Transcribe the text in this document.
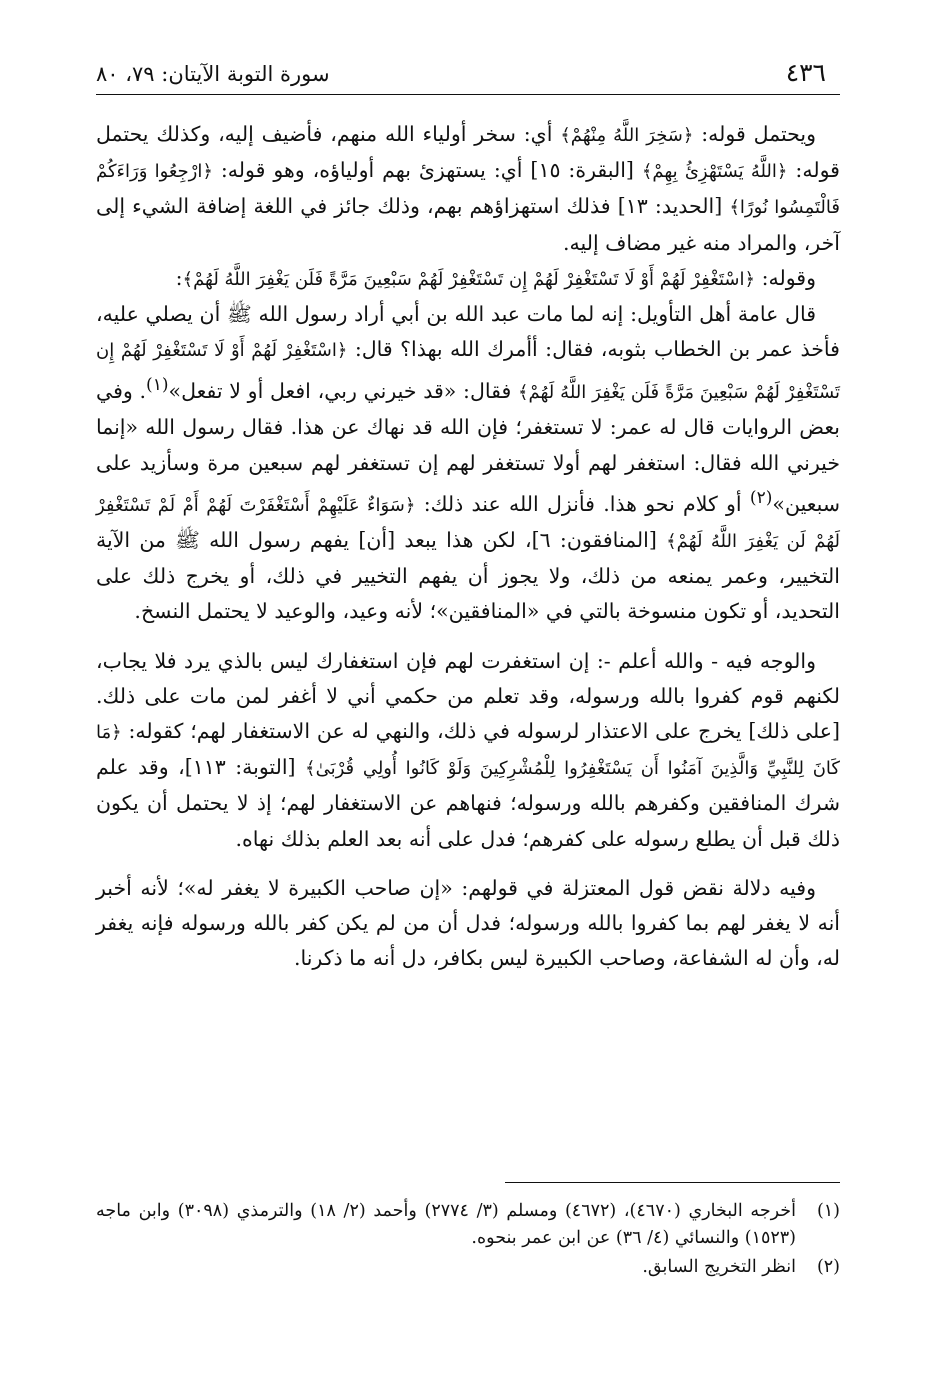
٤٣٦
سورة التوبة الآيتان: ٧٩، ٨٠

ويحتمل قوله: ﴿سَخِرَ اللَّهُ مِنْهُمْ﴾ أي: سخر أولياء الله منهم، فأضيف إليه، وكذلك يحتمل قوله: ﴿اللَّهُ يَسْتَهْزِئُ بِهِمْ﴾ [البقرة: ١٥] أي: يستهزئ بهم أولياؤه، وهو قوله: ﴿ارْجِعُوا وَرَاءَكُمْ فَالْتَمِسُوا نُورًا﴾ [الحديد: ١٣] فذلك استهزاؤهم بهم، وذلك جائز في اللغة إضافة الشيء إلى آخر، والمراد منه غير مضاف إليه.

وقوله: ﴿اسْتَغْفِرْ لَهُمْ أَوْ لَا تَسْتَغْفِرْ لَهُمْ إِن تَسْتَغْفِرْ لَهُمْ سَبْعِينَ مَرَّةً فَلَن يَغْفِرَ اللَّهُ لَهُمْ﴾:

قال عامة أهل التأويل: إنه لما مات عبد الله بن أبي أراد رسول الله ﷺ أن يصلي عليه، فأخذ عمر بن الخطاب بثوبه، فقال: أأمرك الله بهذا؟ قال: ﴿اسْتَغْفِرْ لَهُمْ أَوْ لَا تَسْتَغْفِرْ لَهُمْ إِن تَسْتَغْفِرْ لَهُمْ سَبْعِينَ مَرَّةً فَلَن يَغْفِرَ اللَّهُ لَهُمْ﴾ فقال: «قد خيرني ربي، افعل أو لا تفعل»$^{(١)}$. وفي بعض الروايات قال له عمر: لا تستغفر؛ فإن الله قد نهاك عن هذا. فقال رسول الله «إنما خيرني الله فقال: استغفر لهم أولا تستغفر لهم إن تستغفر لهم سبعين مرة وسأزيد على سبعين»$^{(٢)}$ أو كلام نحو هذا. فأنزل الله عند ذلك: ﴿سَوَاءٌ عَلَيْهِمْ أَسْتَغْفَرْتَ لَهُمْ أَمْ لَمْ تَسْتَغْفِرْ لَهُمْ لَن يَغْفِرَ اللَّهُ لَهُمْ﴾ [المنافقون: ٦]، لكن هذا يبعد [أن] يفهم رسول الله ﷺ من الآية التخيير، وعمر يمنعه من ذلك، ولا يجوز أن يفهم التخيير في ذلك، أو يخرج ذلك على التحديد، أو تكون منسوخة بالتي في «المنافقين»؛ لأنه وعيد، والوعيد لا يحتمل النسخ.

والوجه فيه - والله أعلم -: إن استغفرت لهم فإن استغفارك ليس بالذي يرد فلا يجاب، لكنهم قوم كفروا بالله ورسوله، وقد تعلم من حكمي أني لا أغفر لمن مات على ذلك. [على ذلك] يخرج على الاعتذار لرسوله في ذلك، والنهي له عن الاستغفار لهم؛ كقوله: ﴿مَا كَانَ لِلنَّبِيِّ وَالَّذِينَ آمَنُوا أَن يَسْتَغْفِرُوا لِلْمُشْرِكِينَ وَلَوْ كَانُوا أُولِي قُرْبَىٰ﴾ [التوبة: ١١٣]، وقد علم شرك المنافقين وكفرهم بالله ورسوله؛ فنهاهم عن الاستغفار لهم؛ إذ لا يحتمل أن يكون ذلك قبل أن يطلع رسوله على كفرهم؛ فدل على أنه بعد العلم بذلك نهاه.

وفيه دلالة نقض قول المعتزلة في قولهم: «إن صاحب الكبيرة لا يغفر له»؛ لأنه أخبر أنه لا يغفر لهم بما كفروا بالله ورسوله؛ فدل أن من لم يكن كفر بالله ورسوله فإنه يغفر له، وأن له الشفاعة، وصاحب الكبيرة ليس بكافر، دل أنه ما ذكرنا.

(١)
أخرجه البخاري (٤٦٧٠)، (٤٦٧٢) ومسلم (٣/ ٢٧٧٤) وأحمد (٢/ ١٨) والترمذي (٣٠٩٨) وابن ماجه (١٥٢٣) والنسائي (٤/ ٣٦) عن ابن عمر بنحوه.
(٢)
انظر التخريج السابق.
